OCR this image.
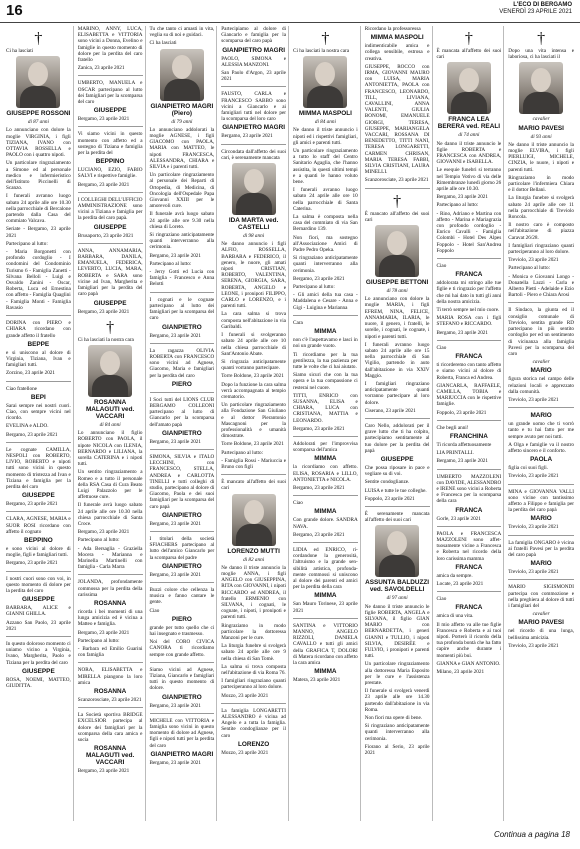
16	L'ECO DI BERGAMO
VENERDÌ 23 APRILE 2021
†

Ci ha lasciati

GIUSEPPE ROSSONI
di 87 anni

Lo annunciano con dolore la moglie VIRGINIA, i figli TIZIANA, IVANO con OTTAVIA ROSSELLA e PAOLO con i quattro nipoti.

Un particolare ringraziamento a Simone ed al personale medico e infermieristico dell'Istituto Piccinelli di Scanzo.

I funerali avranno luogo sabato 24 aprile alle ore 10.30 nella parrocchiale di Bercalone partendo dalla Casa del commiato Valcava.

Seriate - Bergamo, 23 aprile 2021

Partecipano al lutto:

- Maria Borgonetti con profondo cordoglio - I condomini del Condominio Turismo 6 - Famiglia Zanetti - Silvana Belloli - Luigi e Osvaldo Zanini - Oscar, Roberta, Luca ed Ernestina con affetto - Famiglia Quaglini - Famiglia Monti - Famiglia Ravasio

DORINA con PIERO e CHIARA ricordano con grande affetto il fratello

BEPPE

e si uniscono al dolore di Virginia, Tiziana, Ivan e famigliari tutti.

Zorzino, 23 aprile 2021

Ciao fratellone

BEPI

Sarai sempre nei nostri cuori. Ciao, con sempre vicini nel ricordo.

EVELINA e ALDO.

Bergamo, 23 aprile 2021

Le cognate CAMILLA, NESPOLI con ROBERTO, LIVIO, ROBERTO e nipoti tutti sono vicini in questo momento di tristezza ad Ivan e Tiziana e famiglia per la perdita del caro

GIUSEPPE

Bergamo, 23 aprile 2021

CLARA, AGNESE, MARIA e SUOR ROSI ricordano con affetto il cognato

BEPPINO

e sono vicini al dolore di moglie, figli e famigliari tutti.

Bergamo, 23 aprile 2021

I nostri cuori sono con voi, in questo momento di dolore per la perdita del caro

GIUSEPPE

BARBARA, ALICE e GIANNI GHILLA.

Azzano San Paolo, 23 aprile 2021

In questo doloroso momento ci uniamo vicino a Virginia, Ivano, Margherita, Paolo e Tiziana per la perdita del caro

GIUSEPPE

ROSA, NOEMI, MATTEO, GIUDITTA.

MARINO, ANNY, LUCA, ELISABETTA e VITTORIA sono vicini a Donna, Evelino e famiglie in questo momento di dolore per la perdita del caro fratello

Zanica, 23 aprile 2021

UMBERTO, MANUELA e OSCAR partecipano al lutto dei famigliari per la scomparsa del caro

GIUSEPPE

Bergamo, 23 aprile 2021

Vi siamo vicini in questo momento con affetto ed a sostegno di Tiziana e famiglia per la perdita del

BEPPINO

LUCIANO, EZIO, FABIO SALVI e rispettive famiglie.

Bergamo, 23 aprile 2021

I COLLEGHI DELL'UFFICIO AMMINISTRAZIONE sono vicini a Tiziana e famiglia per la perdita del caro papà.

GIUSEPPE

Brusaporto, 23 aprile 2021

ANNA, ANNAMARIA, BARBARA, DANILA, EMANUELA, FEDERICA, LEVERTO, LUCIA, MARA, ROBERTA e SARA sono vicine ad Ivan, Margherita e famigliari per la perdita del caro papà

GIUSEPPE

Bergamo, 23 aprile 2021

†

Ci ha lasciati la nostra cara

ROSANNA MALAGUTI ved. VACCARI
di 84 anni

Lo annunciano il figlio ROBERTO con PAOLA, il nipote NICOLA con ILENIA, BERNARDO e LILIANA, la sorella CATERINA e i nipoti tutti.

Un sentito ringraziamento a Romeo e a tutto il personale della RSA Casa di Cura Beato Luigi Palazzolo per le affettuose cure.

Il funerale avrà luogo sabato 24 aprile alle ore 10.30 nella chiesa parrocchiale di Santa Croce.

Bergamo, 23 aprile 2021

Partecipano al lutto:

- Ada Bersaglia - Graziella Mocera - Marianna e Marinella Martinelli con famiglia - Carla Marra

JOLANDA, profondamente commossa per la perdita della carissima

ROSANNA

ricorda i bei momenti di una lunga amicizia ed è vicina a Matteo e famiglia.

Bergamo, 23 aprile 2021

Partecipano al lutto:

- Barbara ed Emilio Guarini con famiglia

NORA, ELISABETTA e MIRELLA piangono la loro amica

ROSANNA

Scanzorosciate, 23 aprile 2021

La Società sportiva BRIDGE EXCELSIOR partecipa al dolore dei famigliari per la scomparsa della cara amica e socia

ROSANNA MALAGUTI ved. VACCARI

Bergamo, 23 aprile 2021

Tu che tanto ci amasti in vita, veglia su di noi e guidaci.

Ci ha lasciati

GIANPIETRO MAGRI (Piero)
di 79 anni

Lo annunciano addolorati la moglie AGNESE, i figli GIACOMO con PAOLA, MARIA con MATTEO, le nipoti FRANCESCA, ALESSANDRA, CHIARA e SILVIA e i parenti tutti.

Un particolare ringraziamento al personale dei Reparti di Ortopedia, di Medicina, di Oncologia dell'Ospedale Papa Giovanni XXIII per le amorevoli cure.

Il funerale avrà luogo sabato 24 aprile alle ore 9.30 nella chiesa di Loreto.

Si ringraziano anticipatamente quanti interverranno alla cerimonia.

Bergamo, 23 aprile 2021

Partecipano al lutto:

- Jerry Gotti ed Lucia con famiglia - Francesco e Anna Belotti

I cognati e le cognate partecipano al lutto dei famigliari per la scomparsa del caro

GIANPIETRO

Bergamo, 23 aprile 2021

La ragazza OLIVIA ROBERTA con FRANCESCO sono vicini ad Agnese, Giacomo, Maria e famigliari per la perdita del caro

PIERO

I Soci tutti del LIONS CLUB BERGAMO COLLEONI partecipano al lutto di Giancarlo per la scomparsa dell'amato papà

GIANPIETRO

Bergamo, 23 aprile 2021

SIMONA, SILVIA e ITALO LECCHINI, con FRANCESCO, STELLA, ANDREA e CARLOTTA TINELLI e tutti colleghi di studio, partecipano al dolore di Giacomo, Paola e dei suoi famigliari per la scomparsa del caro papà

GIANPIETRO

Bergamo, 23 aprile 2021

I titolari della società SFIACHERS partecipano al lutto dell'amico Giancarlo per la scomparsa del padre

GIANPIETRO

Bergamo, 23 aprile 2021

Buzzi colore che cellenza la musica e fanno cantare le gente.

Ciao

PIERO

grande per tutto quello che ci hai insegnato e trasmesso.

Noi del CORO CIVICA CANORA ti ricordiamo sempre con grande affetto.

Siamo vicini ad Agnese, Tiziana, Giancarlo e famigliari tutti in questo momento di dolore.

GIANPIETRO

Bergamo, 23 aprile 2021

MICHELE con VITTORIA e famiglia sono vicini in questo momento di dolore ad Agnese, figli e nipoti tutti per la perdita del caro

GIANPIETRO MAGRI

Bergamo, 23 aprile 2021

Partecipiamo al dolore di Giancarlo e famiglia per la scomparsa del caro papà

GIANPIETRO MAGRI

PAOLO, SIMONA e ALESSIA MANZONI.

San Paolo d'Argon, 23 aprile 2021

FAUSTO, CARLA e FRANCESCO SABBO sono vicini a Giancarlo e ai famigliari tutti nel dolore per la scomparsa del loro caro

GIANPIETRO MAGRI

Bergamo, 23 aprile 2021

Circondata dall'affetto dei suoi cari, è serenamente mancata

IDA MARTA ved. CASTELLI
di 98 anni

Ne danno annuncio i figli ALFIO, ROSSELLA, BARBARA e FEDERICO, il genero, le nuore, gli amati nipoti CRISTIAN, ROBERTO, VALENTINA, SERENA, GIORGIA, SARA, ROBERTA, ANGELO e LEONE, i pronipoti FILIPPO, CARLO e LORENZO, e i parenti tutti.

La cara salma si trova composta nell'abitazione in via Garibaldi.

I funerali si svolgeranno sabato 24 aprile alle ore 10 nella chiesa parrocchiale di Sant'Antonio Abate.

Si ringrazia anticipatamente quanti vorranno partecipare.

Torre Boldone, 23 aprile 2021

Dopo la funzione la cara salma verrà accompagnata al tempio crematorio.

Un particolare ringraziamento alla Fondazione San Giuliano e al dottor Pierantonio Mascagnoni per la professionalità e umanità dimostrate.

Torre Boldone, 23 aprile 2021

Partecipano al lutto:

- Famiglia Rossi - Mariuccia e Bruno con figli

È mancato all'affetto dei suoi cari

LORENZO MUTTI
di 82 anni

Ne danno il triste annuncio la moglie ANNA, i figli ANGELO con GIUSEPPINA, RITA con GIOVANNI, i nipoti RICCARDO ed ANDREA, il fratello ERMENIO con SILVANA, i cognati, le cognate, i nipoti, i pronipoti e parenti tutti.

Ringraziamo in modo particolare la dottoressa Manzoni per le cure.

La liturgia funebre si svolgerà sabato 24 aprile alle ore 9 nella chiesa di San Tomè.

La salma si trova composta nell'abitazione di via Roma 76.

I famigliari ringraziano quanti parteciperanno al loro dolore.

Mozzo, 23 aprile 2021

La famiglia LONGARETTI ALESSANDRO è vicina ad Angelo e a tutta la famiglia. Sentite condoglianze per il caro

LORENZO

Mozzo, 23 aprile 2021

†

Ci ha lasciati la nostra cara

MIMMA MASPOLI
di 84 anni

Ne danno il triste annuncio i nipoti ed i rispettivi famigliari, gli amici e parenti tutti.

Un particolare ringraziamento a tutto lo staff del Centro Sanitario Agaglia, che l'hanno assistita, in questi ultimi tempi e a quanti le hanno voluto bene.

I funerali avranno luogo sabato 24 aprile alle ore 10 nella parrocchiale di Santa Caterina.

La salma è composta nella casa del commiato di via San Bernardino 139.

Non fiori, ma sostegno all'Associazione Amici di Padre Pedro Opeka.

Si ringraziano anticipatamente quanti interverranno alla cerimonia.

Bergamo, 23 aprile 2021

Partecipano al lutto:

- Gli amici della tua casa - Maddalena e Cesare - Anna e Gigi - Luigina e Marianna

Cara

MIMMA

non c'è l'aspettavamo e lasci in noi un grande vuoto.

Ti ricordiamo per la tua gentilezza, la tua pazienza per tutte le volte che ci hai aiutato.

Siamo sicuri che con la tua opera e la tua compassione ci resterai nel cuore.

TITTI, ENRICO con SUSANNA, ELISA e CHIARA, LUCA con CRISTIANA, MATTIA e LEONARDO.

Bergamo, 23 aprile 2021

Addolorati per l'improvvisa scomparsa dell'amica

MIMMA

la ricordiamo con affetto. ELISA, ROSARIA e LILLO, ANTONIETTA e NICOLA.

Bergamo, 23 aprile 2021

Ciao

MIMMA

Con grande dolore. SANDRA NAVA.

Bergamo, 23 aprile 2021

LIDIA ed ENRICO, ricordandone la generosità, l'altruismo e la grande sensibilità artistica, profondamente commossi si uniscono al dolore dei parenti ed amici per la perdita della cara

MIMMA

San Mauro Torinese, 23 aprile 2021

SANTINA e VITTORIO MANNO, ANGELO RIZZOLI, DANIELA CAVALLO e tutti gli amici della GRAFICA T, DOLORI di Matera ricordano con affetto la cara amica

MIMMA

Matera, 23 aprile 2021

Ricordano la professoressa

MIMMA MASPOLI

indimenticabile amica e collega sensibile, estrosa e creativa.

GIUSEPPE, ROCCO con IRMA, GIOVANNI MAURO con LUISA, MARIA ANTONIETTA, PAOLA con FRANCESCO, LEONARDO, TILL, LIVIANA, CAVALLINI, ANNA VALENTI, GIULIA BONOMI, EMANUELE GIORGI, TERESA, GIUSEPPE, MARIANGELA VACCARI, ROSSANA DI BENEDETTO, TITTI NANI, TERESA LONGARETTI, CARMEN CHRISAN, MARIA TERESA FABBI, SILVIA CRISTIANI, LAURA MINELLI.

Scanzorosciate, 23 aprile 2021

†

È mancato all'affetto dei suoi cari

GIUSEPPE BETTONI
di 78 anni

Lo annunciano con dolore la moglie MARIA, i figli EFREM, NINA, FELICE, ANNAMARIA, ILARIA, le nuore, il genero, i fratelli, le sorelle, i cognati, le cognate, i nipoti e parenti tutti.

I funerali avranno luogo sabato 24 aprile alle ore 15 nella parrocchiale di San Vigilio, partendo in auto dall'abitazione in via XXIV Maggio.

I famigliari ringraziano anticipatamente quanti vorranno partecipare al loro dolore.

Ciserano, 23 aprile 2021

Caro Nello, addolorati per il grave lutto che ti ha colpito, partecipiamo sentitamente al tuo dolore per la perdita del papà

GIUSEPPE

Che possa riposare in pace e vegliare su di voi.

Sentite condoglianze.

LUISA e tutte le tue colleghe.

Foppolo, 23 aprile 2021

È serenamente mancata all'affetto dei suoi cari

ASSUNTA BALDUZZI ved. SAVOLDELLI
di 97 anni

Ne danno il triste annuncio le figlie ROBERTA, ANGELA e SILVANA, il figlio GIAN MARIO con BERNARDETTA, i generi GIANNI e TULLIO, i nipoti SILVIA, DESIRÉE e FULVIO, i pronipoti e parenti tutti.

Un particolare ringraziamento alla dottoressa Maria Esposito per le cure e l'assistenza prestate.

Il funerale si svolgerà venerdì 23 aprile alle ore 14.30 partendo dall'abitazione in via Roma.

Non fiori ma opere di bene.

Si ringraziano anticipatamente quanti interverranno alla cerimonia.

Fiorano al Serio, 23 aprile 2021

†

È mancata all'affetto dei suoi cari

FRANCA LEA BERERA ved. REALI
di 74 anni

Ne danno il triste annuncio le figlie ROBERTA e FRANCESCA con ANDREA, GIOVANNI e ISABELLA.

Le esequie funebri si terranno nel Tempio Votivo di via delle Rimembranze lunedì giorno 26 aprile alle ore 10.30.

Bergamo, 23 aprile 2021

Partecipano al lutto:

- Rino, Adriano e Martina con affetto - Marina e Mariagrazia con profondo cordoglio - Enrico Cavalli - Famiglia Colombi - Hotel Des Alpes Foppolo - Hotel San'Andrea Foppolo

Ciao

FRANCA

addolorata mi stringo alle tue figlie e ti ringrazio per l'affetto che mi hai dato in tutti gli anni della nostra amicizia.

Ti terrò sempre nel mio cuore.

MARIA ROSA con i figli STEFANO e RICCARDO.

Bergamo, 23 aprile 2021

Ciao

FRANCA

ti ricorderemo con tanto affetto e siamo vicini al dolore di Roberta, Franca ed Andrea.

GIANCARLA, RAFFAELE, CAMILLA, TOBIA e MARIUCCIA con le rispettive famiglie.

Foppolo, 23 aprile 2021

Che begli anni!

FRANCHINA

Ti ricorda affettuosamente

LIA PRINTALLI.

Bergamo, 23 aprile 2021

UMBERTO MAZZOLENI con DAVIDE, ALESSANDRO e IRENE sono vicini a Roberta e Francesca per la scomparsa della cara

FRANCA

Gorle, 23 aprile 2021

PAOLA e FRANCESCA MAZZOLENI sono affettuosamente vicine a Francesca e Roberta nel ricordo della loro carissima mamma

FRANCA

amica da sempre.

Locate, 23 aprile 2021

Ciao

FRANCA

amica di una vita.

Il mio affetto va alle tue figlie Francesca e Roberta e ai tuoi nipoti. Porterò il ricordo della tua profonda bontà che ha fatto capire anche durante i momenti più bui.

GIANNA e GIAN ANTONIO.

Milano, 23 aprile 2021

†

Dopo una vita intensa e laboriosa, ci ha lasciati il

cavalier
MARIO PAVESI
di 93 anni

Ne danno il triste annuncio la moglie ELVIRA, i figli PIERLUIGI, MICHELE, CINZIA, le nuore, i nipoti e parenti tutti.

Ringraziamo in modo particolare l'infermiera Chiara e il dottor Bellani.

La liturgia funebre si svolgerà sabato 24 aprile alle ore 11 nella parrocchiale di Treviolo Roncola.

Il nostro caro è composto nell'abitazione di piazza Caravat 26/28.

I famigliari ringraziano quanti parteciperanno al loro dolore.

Treviolo, 23 aprile 2021

Partecipano al lutto:

- Monica e Giovanni Longo - Donatella Lazzi - Carla e Alberto Pietti - Adelaide e Ezio Bartoli - Piero e Chiara Arosi

Il Sindaco, la giunta ed il consiglio comunale di Treviolo, sentita grande RD partecipano in più sentito cordoglio per ed un sentimento di vicinanza alla famiglia Pavesi per la scomparsa del caro

cavalier
MARIO

figura storica nel campo delle relazioni locali e apprezzato dalla comunità.

Treviolo, 23 aprile 2021

MARIO

un grande uomo che ti vorrò tanto e tu hai fatto per me sempre avuto per noi tutti.

A Olga e famiglie va il nostro affetto sincero e il conforto.

PAOLA

figlia coi suoi figli.

Treviolo, 23 aprile 2021

MINA e GIOVANNA VALLI sono vicine con tantissimo affetto a Filippo e famiglia per la perdita del caro papà

MARIO

Treviolo, 23 aprile 2021

La famiglia ONGARO è vicina ai fratelli Pavesi per la perdita del caro papà

MARIO

Treviolo, 23 aprile 2021

MARIO SIGISMONDI partecipa con commozione e nella preghiera al dolore di tutti i famigliari del

cavalier
MARIO PAVESI

nel ricordo di una lunga, bellissima amicizia.

Treviolo, 23 aprile 2021

Continua a pagina 18
